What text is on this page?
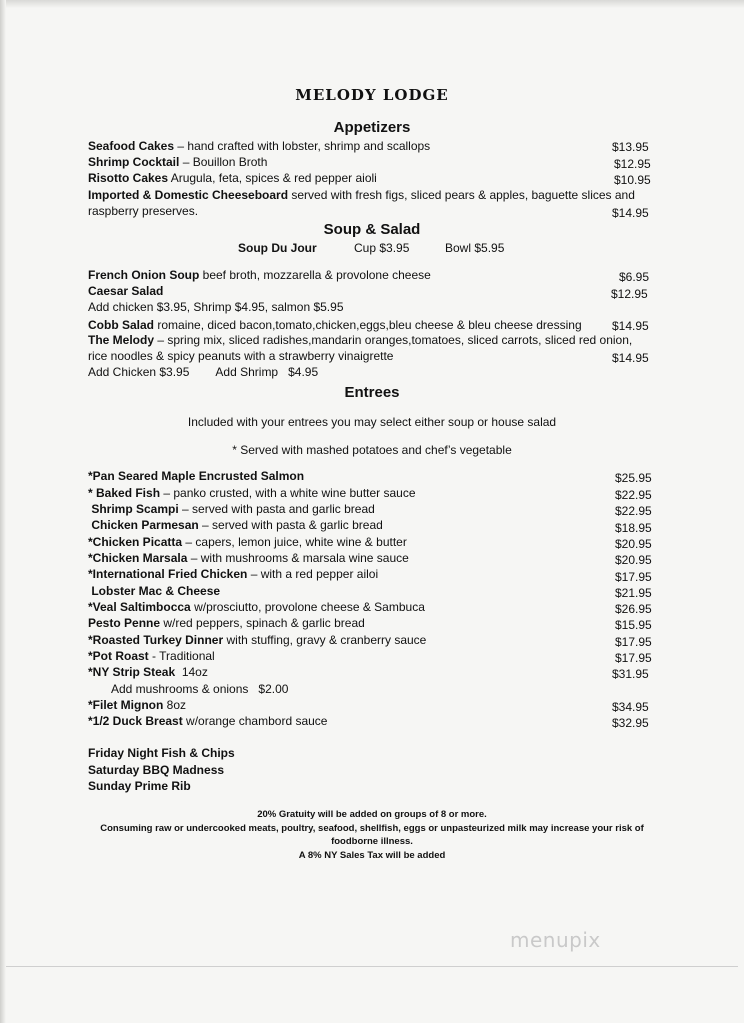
MELODY LODGE
Appetizers
Seafood Cakes – hand crafted with lobster, shrimp and scallops	$13.95
Shrimp Cocktail – Bouillon Broth	$12.95
Risotto Cakes Arugula, feta, spices & red pepper aioli	$10.95
Imported & Domestic Cheeseboard served with fresh figs, sliced pears & apples, baguette slices and
raspberry preserves.	$14.95
Soup & Salad
Soup Du Jour	Cup $3.95	Bowl $5.95
French Onion Soup beef broth, mozzarella & provolone cheese	$6.95
Caesar Salad	$12.95
Add chicken $3.95, Shrimp $4.95, salmon $5.95
Cobb Salad romaine, diced bacon,tomato,chicken,eggs,bleu cheese & bleu cheese dressing	$14.95
The Melody – spring mix, sliced radishes,mandarin oranges,tomatoes, sliced carrots, sliced red onion,
rice noodles & spicy peanuts with a strawberry vinaigrette	$14.95
Add Chicken $3.95        Add Shrimp   $4.95
Entrees
Included with your entrees you may select either soup or house salad
* Served with mashed potatoes and chef’s vegetable
*Pan Seared Maple Encrusted Salmon	$25.95
* Baked Fish – panko crusted, with a white wine butter sauce	$22.95
Shrimp Scampi – served with pasta and garlic bread	$22.95
Chicken Parmesan – served with pasta & garlic bread	$18.95
*Chicken Picatta – capers, lemon juice, white wine & butter	$20.95
*Chicken Marsala – with mushrooms & marsala wine sauce	$20.95
*International Fried Chicken – with a red pepper ailoi	$17.95
Lobster Mac & Cheese	$21.95
*Veal Saltimbocca w/prosciutto, provolone cheese & Sambuca	$26.95
Pesto Penne w/red peppers, spinach & garlic bread	$15.95
*Roasted Turkey Dinner with stuffing, gravy & cranberry sauce	$17.95
*Pot Roast - Traditional	$17.95
*NY Strip Steak  14oz	$31.95
Add mushrooms & onions   $2.00
*Filet Mignon 8oz	$34.95
*1/2 Duck Breast w/orange chambord sauce	$32.95
Friday Night Fish & Chips
Saturday BBQ Madness
Sunday Prime Rib
20% Gratuity will be added on groups of 8 or more.
Consuming raw or undercooked meats, poultry, seafood, shellfish, eggs or unpasteurized milk may increase your risk of
foodborne illness.
A 8% NY Sales Tax will be added
menupix
